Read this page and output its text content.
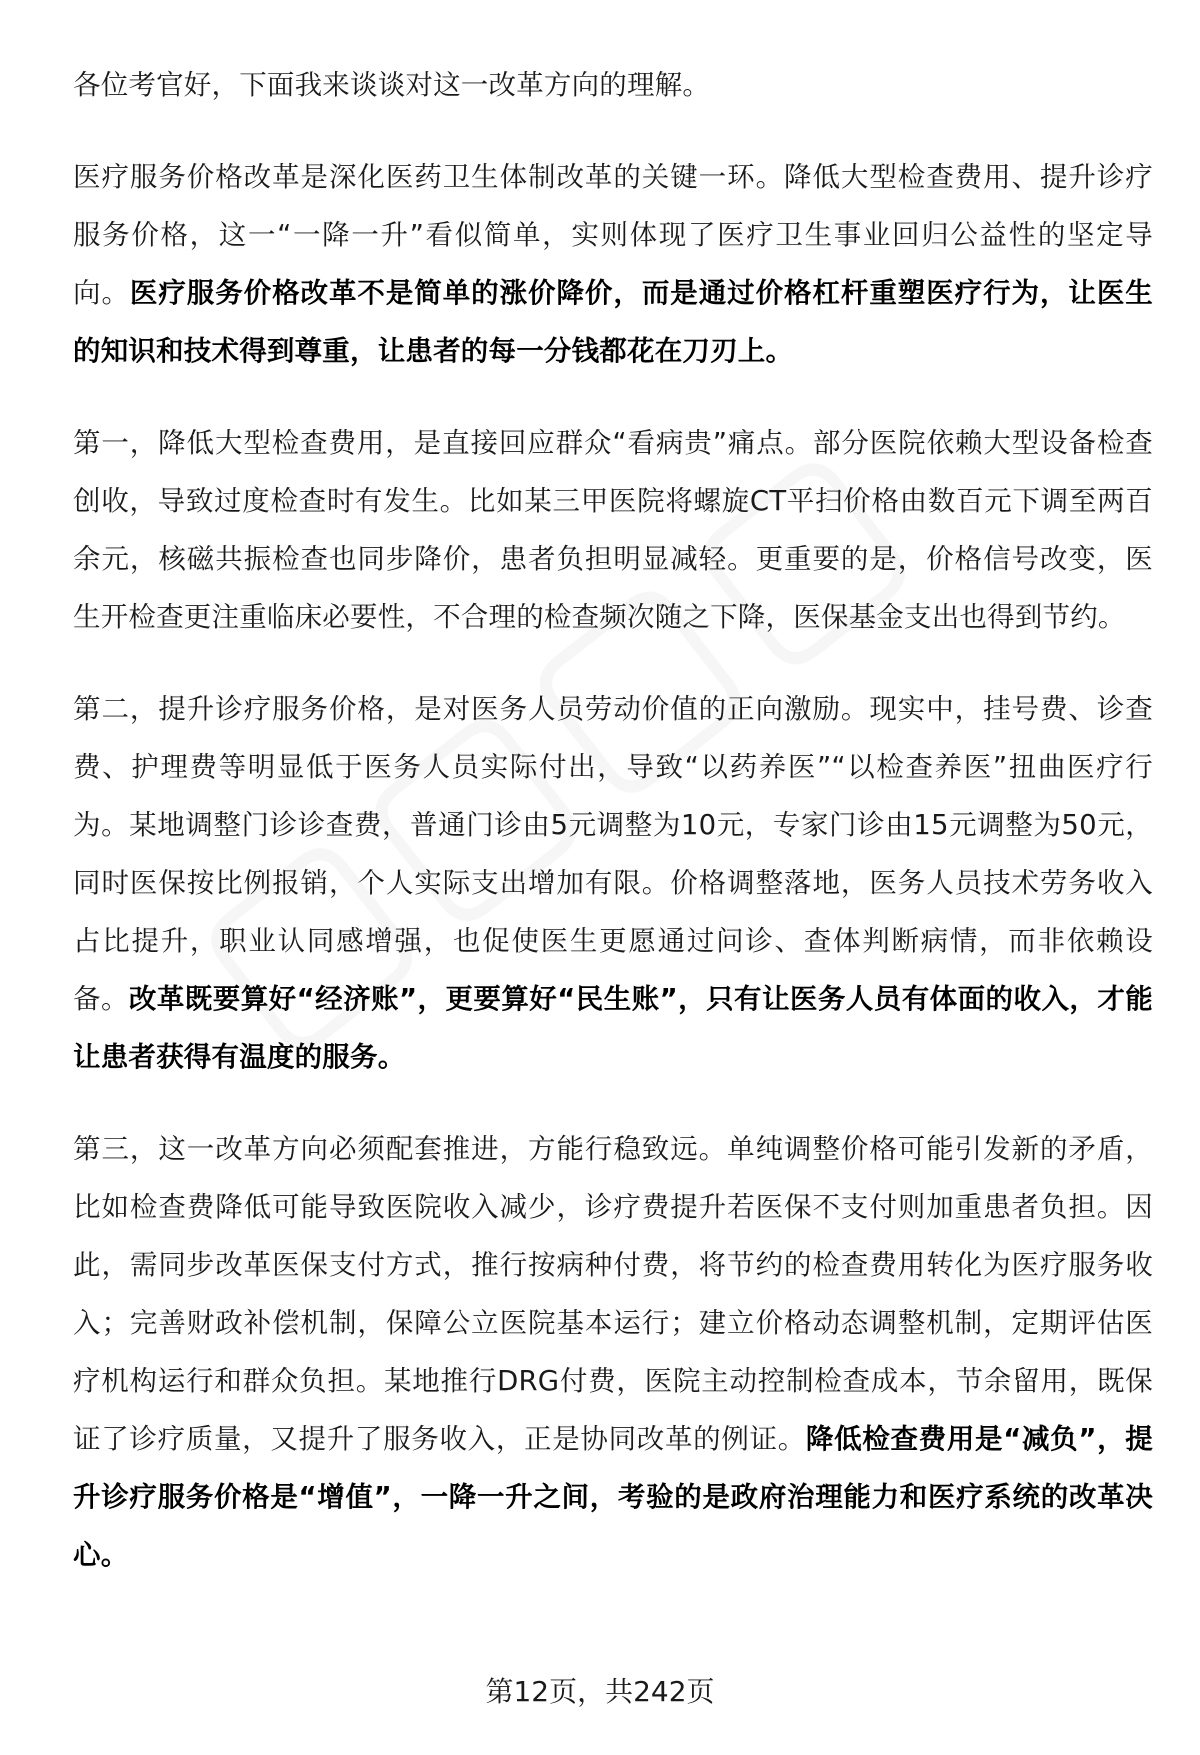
各位考官好，下面我来谈谈对这一改革方向的理解。

医疗服务价格改革是深化医药卫生体制改革的关键一环。降低大型检查费用、提升诊疗服务价格，这一“一降一升”看似简单，实则体现了医疗卫生事业回归公益性的坚定导向。医疗服务价格改革不是简单的涨价降价，而是通过价格杠杆重塑医疗行为，让医生的知识和技术得到尊重，让患者的每一分钱都花在刀刃上。

第一，降低大型检查费用，是直接回应群众“看病贵”痛点。部分医院依赖大型设备检查创收，导致过度检查时有发生。比如某三甲医院将螺旋CT平扫价格由数百元下调至两百余元，核磁共振检查也同步降价，患者负担明显减轻。更重要的是，价格信号改变，医生开检查更注重临床必要性，不合理的检查频次随之下降，医保基金支出也得到节约。

第二，提升诊疗服务价格，是对医务人员劳动价值的正向激励。现实中，挂号费、诊查费、护理费等明显低于医务人员实际付出，导致“以药养医”“以检查养医”扭曲医疗行为。某地调整门诊诊查费，普通门诊由5元调整为10元，专家门诊由15元调整为50元，同时医保按比例报销，个人实际支出增加有限。价格调整落地，医务人员技术劳务收入占比提升，职业认同感增强，也促使医生更愿通过问诊、查体判断病情，而非依赖设备。改革既要算好“经济账”，更要算好“民生账”，只有让医务人员有体面的收入，才能让患者获得有温度的服务。

第三，这一改革方向必须配套推进，方能行稳致远。单纯调整价格可能引发新的矛盾，比如检查费降低可能导致医院收入减少，诊疗费提升若医保不支付则加重患者负担。因此，需同步改革医保支付方式，推行按病种付费，将节约的检查费用转化为医疗服务收入；完善财政补偿机制，保障公立医院基本运行；建立价格动态调整机制，定期评估医疗机构运行和群众负担。某地推行DRG付费，医院主动控制检查成本，节余留用，既保证了诊疗质量，又提升了服务收入，正是协同改革的例证。降低检查费用是“减负”，提升诊疗服务价格是“增值”，一降一升之间，考验的是政府治理能力和医疗系统的改革决心。

第12页，共242页
